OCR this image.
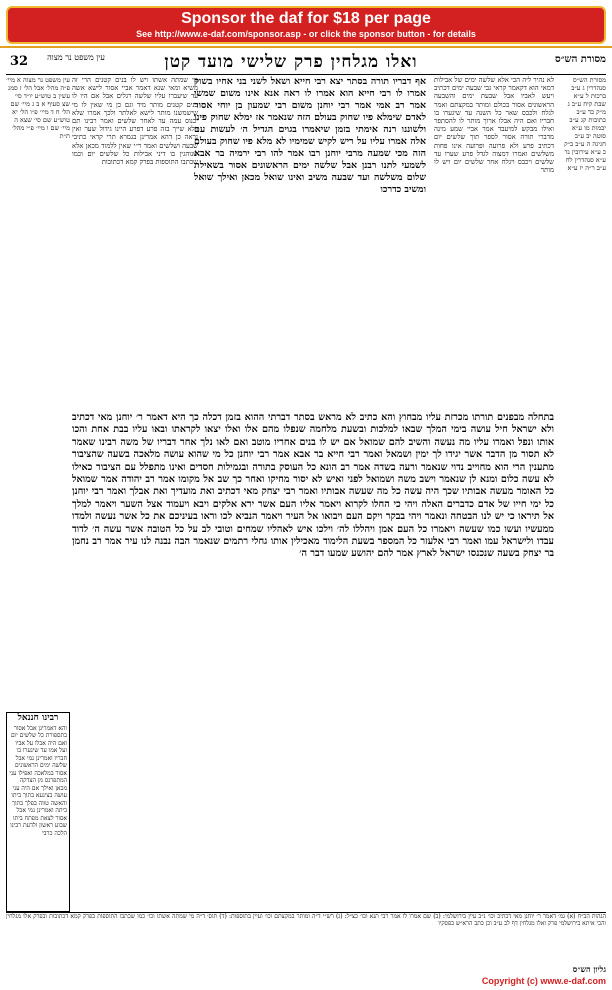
Sponsor the daf for $18 per page
See http://www.e-daf.com/sponsor.asp - or click the sponsor button - for details
מסורת הש״ס
ואלו מגלחין פרק שלישי מועד קטן
עין משפט נר מצוה
32
מסורת הש״ס סנהדרין ג ע״ב ברכות ל ע״א שבת קיח ע״ב ג מ״ק כד ע״ב כתובות קג ע״ב יבמות מו ע״א סוטה יב ע״ב חגיגה ה ע״ב ב״ק כ ע״א עירובין נד ע״א סנהדרין לח ע״ב ר״ה יז ע״א
לא נהיר ליה הכי אלא שלשה ימים של אבילות דמאי הוא דקאמר קראי גבי שבעה ימים דכתיב ויעש לאביו אבל שבעת ימים והשבעה הראשונים אסור בכולם ומותר במקצתם ואמר לגלח ולכבס שאר כל השנה עד שיגערו בו חבריו ואם היה אבלו ארוך מותר לו להסתפר ואילו מבקש למיעבד אמר אביי שמע מינה מדברי תורה אסור לספר תוך שלשים יום דכתיב פרע ולא פרועה ופרועה אינו פחות משלשים ואמרו דמצוה לגדל פרע שערו עד שלשים ויכבס ויגלח אחר שלשים יום ויש לו מותר
אף דבריו תורה בסתר יצא רבי חייא ושאל לשני בני אחיו בשוק אמרו לו רבי חייא הוא אמרו לו ראה אנא אינו משום שמשי אמר רב אמי אמר רבי יוחנן משום רבי שמעון בן יוחי אסור לאדם שימלא פיו שחוק בעולם הזה שנאמר אז ימלא שחוק פינו ולשוננו רנה אימתי בזמן שיאמרו בגוים הגדיל ה׳ לעשות עם אלה אמרו עליו על ריש לקיש שמימיו לא מלא פיו שחוק בעולם הזה מכי שמעה מרבי יוחנן רבו אמר להו רבי ירמיה בר אבא לשמעי לתנו רבנן אבל שלשה ימים הראשונים אסור בשאילת שלום משלשה ועד שבעה משיב ואינו שואל מכאן ואילך שואל ומשיב כדרכו
מי שמתה אשתו ויש לו בנים קטנים הרי זה משיא ומאי שנא דאמר אביי אסור לישא אשה עד שיעברו עליו שלשה רגלים אבל אם היו לו בנים קטנים מותר מיד וגם כן מי שאין לו מי שישמשנו מותר לישא לאלתר ולכך אמרו שלא יכנוס עמה עד לאחר שלשים ואמר רבינו תם דלא שייך בזה פרע דפרע היינו גידול שער ואין נראה כן דהא אמרינן בגמרא תרי קראי כתיבי שבעה ושלשים ואמר ר״י שאין ללמוד מכאן אלא שנוהגין בו דיני אבילות כל שלשים יום וכמו שכתבו התוספות בפרק קמא דכתובות
עין משפט נר מצוה א מיי׳ פ״ה מהל׳ אבל הל׳ ז סמג עשין ב טוש״ע יו״ד סי׳ שצ סעיף א ב ג מיי׳ שם הל׳ ח ד מיי׳ פ״ו הל׳ יא טוש״ע שם סי׳ שצא ה מיי׳ שם ו מיי׳ פ״י מהל׳ ת״ת
בתחלה מבפנים תורתו מכרזת עליו מבחוץ והא כתיב לא מראש בסתר דברתי ההוא בזמן דכלה כך היא דאמר ר׳ יוחנן מאי דכתיב ולא ישראל חיל עושה בימי המלך שבאו למלכות ובשעת מלחמה שנפלו מהם אלו ואלו יצאו לקראתו ובאו עליו בבת אחת והכו אותו ונפל ואמרו עליו מה נעשה והשיב להם שמואל אם יש לו בנים אחריו מוטב ואם לאו נלך אחר דבריו של משה רבינו שאמר לא תסור מן הדבר אשר יגידו לך ימין ושמאל ואמר רבי חייא בר אבא אמר רבי יוחנן כל מי שהוא עושה מלאכה בשעה שהציבור מתענין הרי הוא מחוייב נדוי שנאמר ורעה בשדה אמר רב הונא כל העוסק בתורה ובגמילות חסדים ואינו מתפלל עם הציבור כאילו לא עשה כלום ומנא לן שנאמר וישב משה ושמואל לפני ואיש לא יסור מחיקו ואחר כך שב אל מקומו אמר רב יהודה אמר שמואל כל האומר מעשה אבותיו שכך היה עשה כל מה שעשה אבותיו ואמר רבי יצחק מאי דכתיב ואת מועדיך ואת אבלך ואמר רבי יוחנן כל ימי חייו של אדם כדברים האלה ויהי כי החלו לקרוא ויאמר אליו העם אשר ירא אלקים ויבא ויעמוד אצל השער ויאמר למלך אל תיראו כי יש לנו הבטחה ונאמר ויהי בבקר ויקם העם ויבואו אל העיר ויאמר הנביא לכו וראו בעיניכם את כל אשר נעשה ולמדו ממעשיו ועשו כמו שעשה ויאמרו כל העם אמן ויהללו לה׳ וילכו איש לאהליו שמחים וטובי לב על כל הטובה אשר עשה ה׳ לדוד עבדו ולישראל עמו ואמר רבי אלעזר כל המספר בשעת הלימוד מאכילין אותו גחלי רתמים שנאמר הבה נבנה לנו עיר אמר רב נחמן בר יצחק בשעה שנכנסו ישראל לארץ אמר להם יהושע שמעו דבר ה׳
רבינו חננאל
והא דאמרינן אבל אסור בתספורת כל שלשים יום ואם היה אבלו על אביו ועל אמו עד שיגערו בו חבריו ואמרינן נמי אבל שלשה ימים הראשונים אסור במלאכה ואפילו עני המתפרנס מן הצדקה מכאן ואילך אם היה עני עושה בצינעא בתוך ביתו והאשה טווה בפלך בתוך ביתה ואמרינן נמי אבל אסור לצאת מפתח ביתו שבוע ראשון ולדעת רבינו הלכה כרבי
הגהות הב״ח (א) גמ׳ דאמר ר׳ יוחנן מאי דכתיב וכו׳ נ״ב עיין בירושלמי: (ב) שם אמרו לו אמר רבי תנא וכו׳ כצ״ל: (ג) רש״י ד״ה ומותר במקצתם וכו׳ ועיין בתוספות: (ד) תוס׳ ד״ה מי שמתה אשתו וכו׳ כמו שכתבו התוספות בפרק קמא דכתובות ובפרק אלו מגלחין והכי איתא בירושלמי פרק ואלו מגלחין דף לב ע״ב וכן כתב הרא״ש בפסקיו
גליון הש״ס
Copyright (c) www.e-daf.com
